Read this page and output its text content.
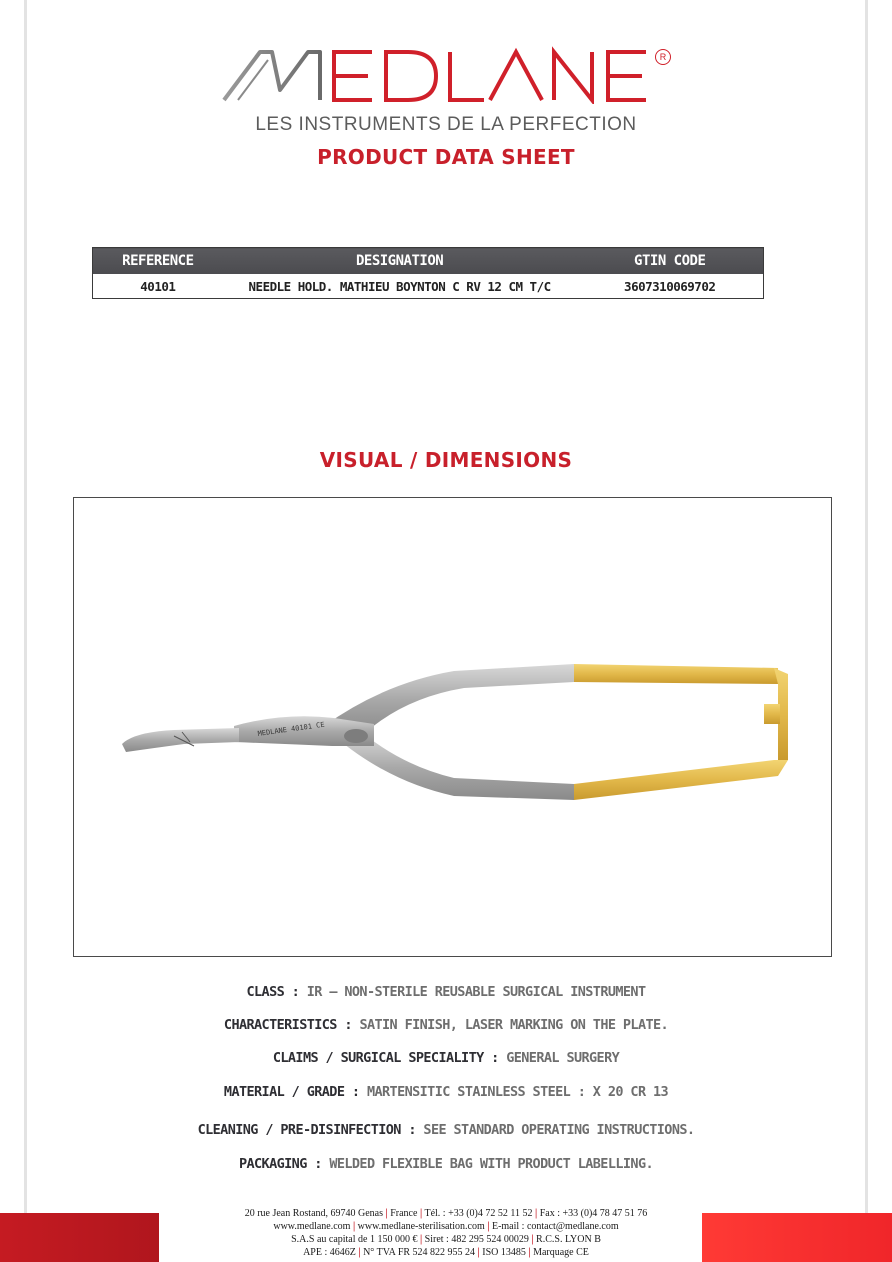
R
LES INSTRUMENTS DE LA PERFECTION
PRODUCT DATA SHEET
REFERENCE	DESIGNATION	GTIN CODE
40101	NEEDLE HOLD. MATHIEU BOYNTON C RV 12 CM T/C	3607310069702
VISUAL / DIMENSIONS
MEDLANE 40101 CE
CLASS : IR – NON-STERILE REUSABLE SURGICAL INSTRUMENT
CHARACTERISTICS : SATIN FINISH, LASER MARKING ON THE PLATE.
CLAIMS / SURGICAL SPECIALITY : GENERAL SURGERY
MATERIAL / GRADE : MARTENSITIC STAINLESS STEEL : X 20 CR 13
CLEANING / PRE-DISINFECTION : SEE STANDARD OPERATING INSTRUCTIONS.
PACKAGING : WELDED FLEXIBLE BAG WITH PRODUCT LABELLING.
20 rue Jean Rostand, 69740 Genas | France | Tél. : +33 (0)4 72 52 11 52 | Fax : +33 (0)4 78 47 51 76
www.medlane.com | www.medlane-sterilisation.com | E-mail : contact@medlane.com
S.A.S au capital de 1 150 000 € | Siret : 482 295 524 00029 | R.C.S. LYON B
APE : 4646Z | N° TVA FR 524 822 955 24 | ISO 13485 | Marquage CE
